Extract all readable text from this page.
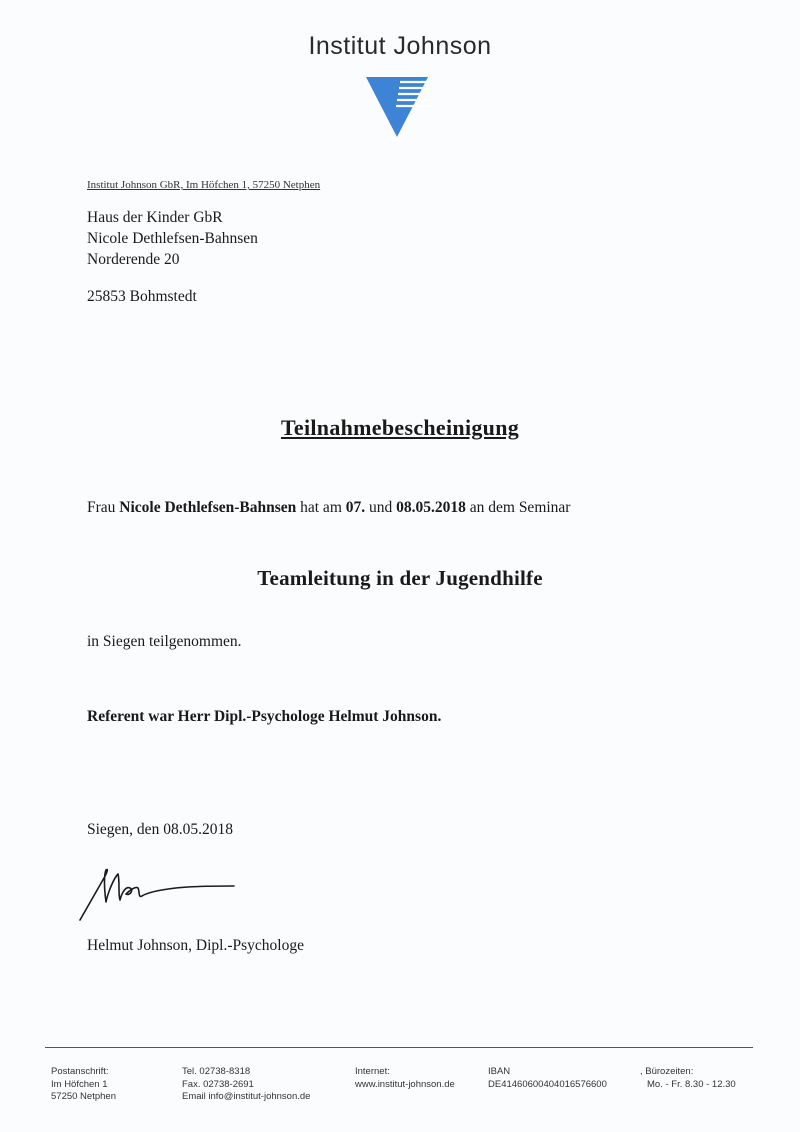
Institut Johnson
Institut Johnson GbR, Im Höfchen 1, 57250 Netphen
Haus der Kinder GbR
Nicole Dethlefsen-Bahnsen
Norderende 20
25853 Bohmstedt
Teilnahmebescheinigung
Frau Nicole Dethlefsen-Bahnsen hat am 07. und 08.05.2018 an dem Seminar
Teamleitung in der Jugendhilfe
in Siegen teilgenommen.
Referent war Herr Dipl.-Psychologe Helmut Johnson.
Siegen, den 08.05.2018
Helmut Johnson, Dipl.-Psychologe
Postanschrift:
Im Höfchen 1
57250 Netphen
Tel. 02738-8318
Fax. 02738-2691
Email info@institut-johnson.de
Internet:
www.institut-johnson.de
IBAN
DE41460600404016576600
, Bürozeiten:
Mo. - Fr. 8.30 - 12.30
